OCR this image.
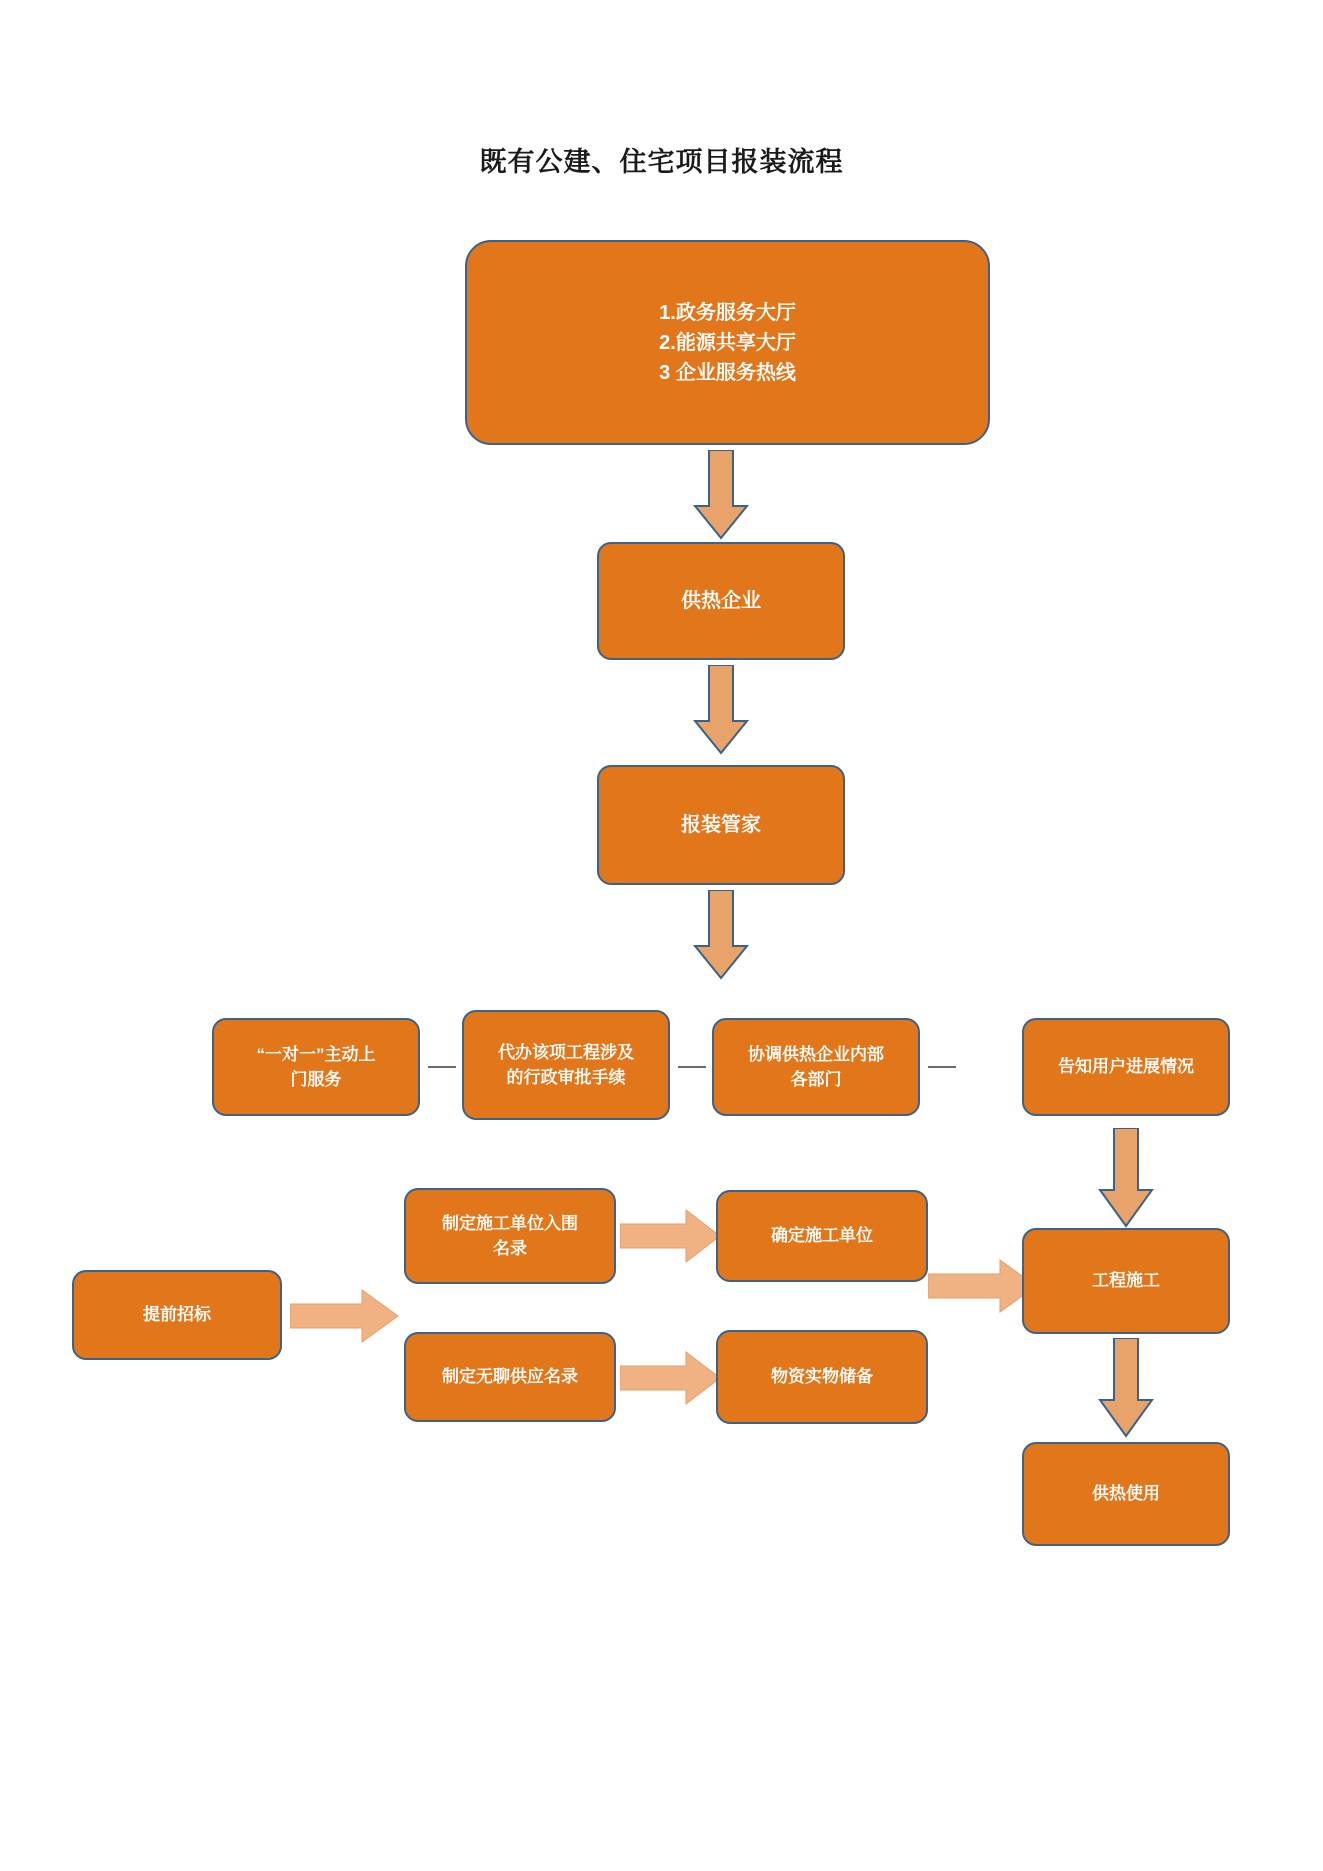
既有公建、住宅项目报装流程
1.政务服务大厅
2.能源共享大厅
3 企业服务热线
供热企业
报装管家
“一对一”主动上
门服务
代办该项工程涉及
的行政审批手续
协调供热企业内部
各部门
告知用户进展情况
提前招标
制定施工单位入围
名录
确定施工单位
制定无聊供应名录	物资实物储备
工程施工
供热使用
